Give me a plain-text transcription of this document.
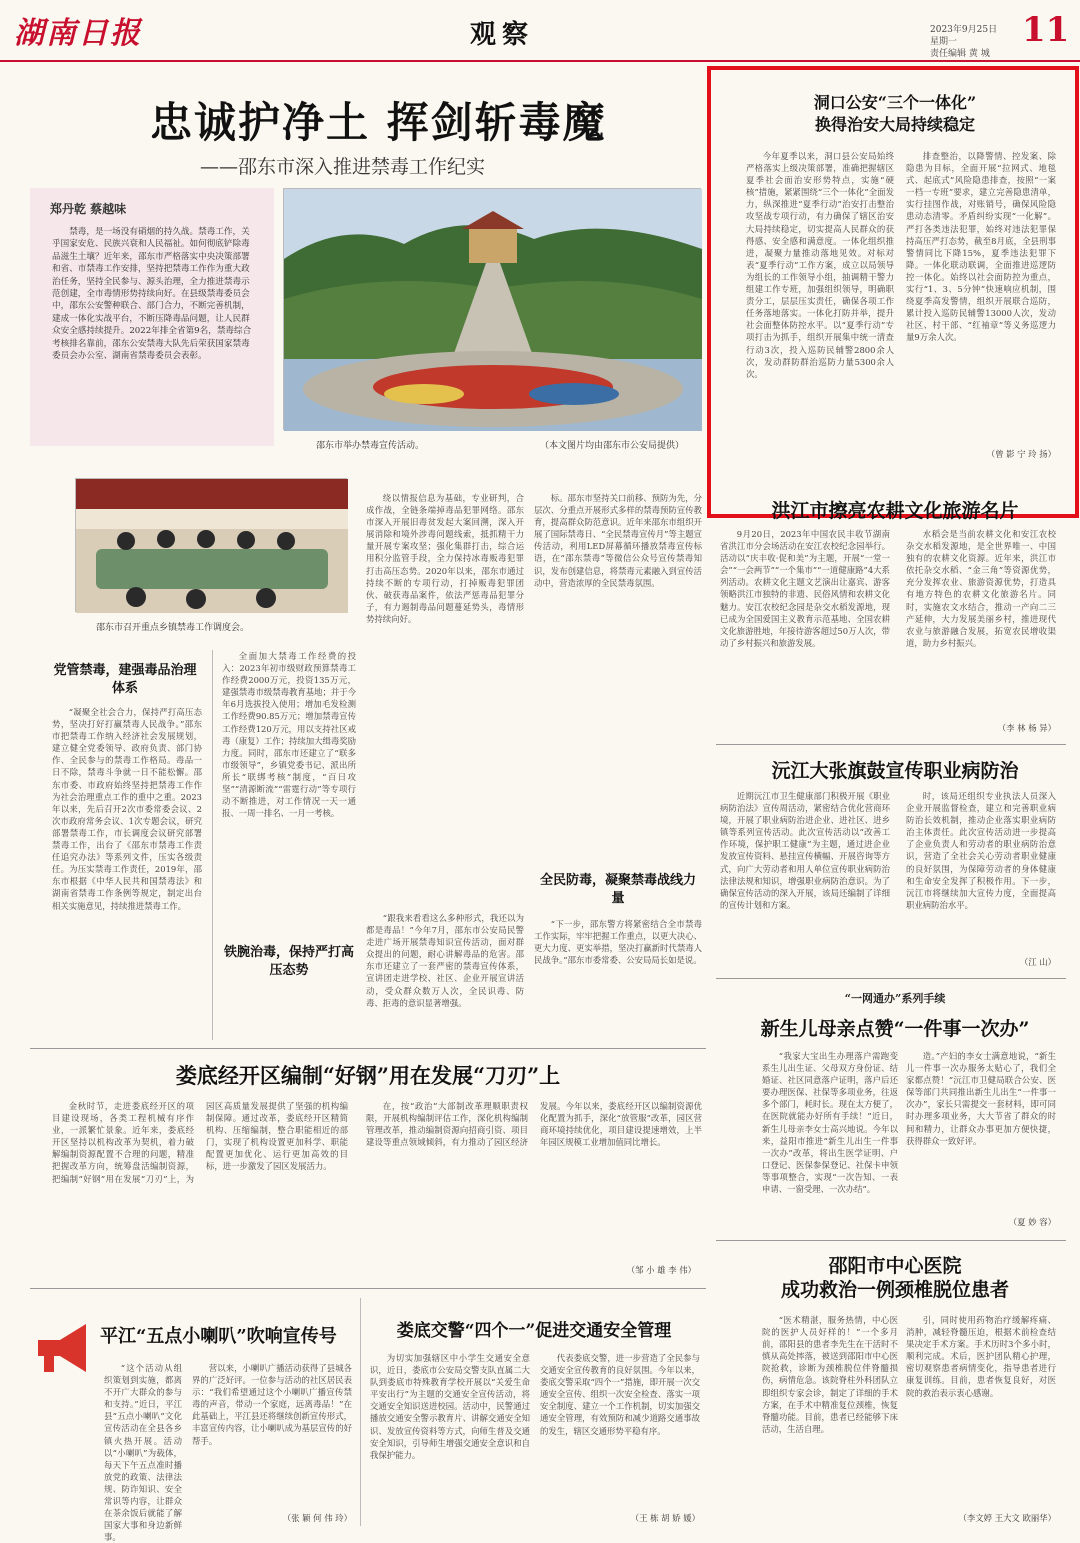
湖南日报	观察	2023年9月25日 星期一
责任编辑 黄 城
11
忠诚护净土 挥剑斩毒魔
——邵东市深入推进禁毒工作纪实
郑丹乾 蔡越味
禁毒，是一场没有硝烟的持久战。禁毒工作，关乎国家安危、民族兴衰和人民福祉。如何彻底铲除毒品滋生土壤？近年来，邵东市严格落实中央决策部署和省、市禁毒工作安排，坚持把禁毒工作作为重大政治任务，坚持全民参与、源头治理，全力推进禁毒示范创建，全市毒情形势持续向好。在县级禁毒委员会中，邵东公安警种联合、部门合力，不断完善机制，建成一体化实战平台，不断压降毒品问题，让人民群众安全感持续提升。2022年排全省第9名，禁毒综合考核排名靠前，邵东公安禁毒大队先后荣获国家禁毒委员会办公室、湖南省禁毒委员会表彰。
邵东市举办禁毒宣传活动。	（本文图片均由邵东市公安局提供）
邵东市召开重点乡镇禁毒工作调度会。
党管禁毒，建强毒品治理体系
“凝聚全社会合力，保持严打高压态势，坚决打好打赢禁毒人民战争。”邵东市把禁毒工作纳入经济社会发展规划，建立健全党委领导、政府负责、部门协作、全民参与的禁毒工作格局。毒品一日不除，禁毒斗争就一日不能松懈。邵东市委、市政府始终坚持把禁毒工作作为社会治理重点工作的重中之重。2023年以来，先后召开2次市委常委会议、2次市政府常务会议、1次专题会议，研究部署禁毒工作，市长调度会议研究部署禁毒工作，出台了《邵东市禁毒工作责任追究办法》等系列文件，压实各级责任。为压实禁毒工作责任，2019年，邵东市根据《中华人民共和国禁毒法》和湖南省禁毒工作条例等规定，制定出台相关实施意见，持续推进禁毒工作。
全面加大禁毒工作经费的投入：2023年初市级财政预算禁毒工作经费2000万元，投资135万元，建强禁毒市级禁毒教育基地；并于今年6月选拔投入使用；增加毛发检测工作经费90.85万元；增加禁毒宣传工作经费120万元，用以支持社区戒毒（康复）工作；持续加大缉毒奖励力度。同时，邵东市还建立了“联多市级领导”，乡镇党委书记、派出所所长“联绑考核”制度，“百日攻坚”“清源断流”“雷霆行动”等专项行动不断推进，对工作情况一天一通报、一周一排名、一月一考核。
铁腕治毒，保持严打高压态势
绕以情报信息为基础，专业研判，合成作战，全链条端掉毒品犯罪网络。邵东市深入开展旧毒贫发起大案回溯，深入开展消除和境外涉毒问题线索，抵抓精干力量开展专案攻坚；强化集群打击，综合运用积分监管手段，全力保持冰毒贩毒犯罪打击高压态势。2020年以来，邵东市通过持续不断的专项行动，打掉贩毒犯罪团伙、破获毒品案件，依法严惩毒品犯罪分子，有力遏制毒品问题蔓延势头，毒情形势持续向好。
标。邵东市坚持关口前移、预防为先，分层次、分重点开展形式多样的禁毒预防宣传教育，提高群众防范意识。近年来邵东市组织开展了国际禁毒日、“全民禁毒宣传月”等主题宣传活动，利用LED屏幕循环播放禁毒宣传标语，在“邵东禁毒”等微信公众号宣传禁毒知识，发布创建信息，将禁毒元素融入到宣传活动中，营造浓厚的全民禁毒氛围。
全民防毒，凝聚禁毒战线力量
“跟我来看看这么多种形式，我还以为都是毒品！”今年7月，邵东市公安局民警走进广场开展禁毒知识宣传活动，面对群众提出的问题，耐心讲解毒品的危害。邵东市还建立了一套严密的禁毒宣传体系，宣讲团走进学校、社区、企业开展宣讲活动，受众群众数万人次，全民识毒、防毒、拒毒的意识显著增强。
“下一步，邵东警方将紧密结合全市禁毒工作实际，牢牢把握工作重点，以更大决心、更大力度、更实举措，坚决打赢新时代禁毒人民战争。”邵东市委常委、公安局局长如是说。
洞口公安“三个一体化”
换得治安大局持续稳定
今年夏季以来，洞口县公安局始终严格落实上级决策部署，准确把握辖区夏季社会面治安形势特点，实施“硬核”措施，紧紧围绕“三个一体化”全面发力，纵深推进“夏季行动”治安打击整治攻坚战专项行动，有力确保了辖区治安大局持续稳定，切实提高人民群众的获得感、安全感和满意度。一体化组织推进，凝聚力量推动落地见效。对标对表“夏季行动”工作方案，成立以局领导为组长的工作领导小组，抽调精干警力组建工作专班，加强组织领导，明确职责分工，层层压实责任，确保各项工作任务落地落实。一体化打防并举，提升社会面整体防控水平。以“夏季行动”专项打击为抓手，组织开展集中统一清查行动3次，投入巡防民辅警2800余人次，发动群防群治巡防力量5300余人次。
排查整治，以降警情、控发案、除隐患为目标，全面开展“拉网式、地毯式、起底式”风险隐患排查，按照“一案一档一专班”要求，建立完善隐患清单，实行挂图作战，对账销号，确保风险隐患动态清零。矛盾纠纷实现“一化解”。严打各类违法犯罪，始终对违法犯罪保持高压严打态势，截至8月底，全县刑事警情同比下降15%，夏季违法犯罪下降。一体化联动联调，全面推进巡逻防控一体化。始终以社会面防控为重点，实行“1、3、5分钟”快速响应机制，围绕夏季高发警情，组织开展联合巡防，累计投入巡防民辅警13000人次，发动社区、村干部、“红袖章”等义务巡逻力量9万余人次。
（曾 影 宁 玲 扬）
洪江市擦亮农耕文化旅游名片
9月20日，2023年中国农民丰收节湖南省洪江市分会场活动在安江农校纪念园举行。活动以“庆丰收·促和美”为主题，开展“一堂一会”“一会两节”“一个集市”“一道健康路”4大系列活动。农耕文化主题文艺演出让嘉宾、游客领略洪江市独特的非遗、民俗风情和农耕文化魅力。安江农校纪念园是杂交水稻发源地，现已成为全国爱国主义教育示范基地、全国农耕文化旅游胜地，年接待游客超过50万人次，带动了乡村振兴和旅游发展。
水稻会是当前农耕文化和安江农校杂交水稻发源地，是全世界唯一、中国独有的农耕文化资源。近年来，洪江市依托杂交水稻、“金三角”等资源优势，充分发挥农业、旅游资源优势，打造具有地方特色的农耕文化旅游名片。同时，实施农文水结合，推动一产向二三产延伸，大力发展美丽乡村，推进现代农业与旅游融合发展，拓宽农民增收渠道，助力乡村振兴。
（李 林 杨 异）
沅江大张旗鼓宣传职业病防治
近期沅江市卫生健康部门积极开展《职业病防治法》宣传周活动，紧密结合优化营商环境，开展了职业病防治进企业、进社区、进乡镇等系列宣传活动。此次宣传活动以“改善工作环境，保护职工健康”为主题，通过进企业发放宣传资料、悬挂宣传横幅、开展咨询等方式，向广大劳动者和用人单位宣传职业病防治法律法规和知识，增强职业病防治意识。为了确保宣传活动的深入开展，该局还编制了详细的宣传计划和方案。
时，该局还组织专业执法人员深入企业开展监督检查，建立和完善职业病防治长效机制，推动企业落实职业病防治主体责任。此次宣传活动进一步提高了企业负责人和劳动者的职业病防治意识，营造了全社会关心劳动者职业健康的良好氛围，为保障劳动者的身体健康和生命安全发挥了积极作用。下一步，沅江市将继续加大宣传力度，全面提高职业病防治水平。
（江 山）
“一网通办”系列手续
新生儿母亲点赞“一件事一次办”
“我家大宝出生办理落户需跑变系生儿出生证、父母双方身份证、结婚证、社区同意落户证明，落户后还要办理医保、社保等多项业务，往返多个部门，耗时长。现在太方便了，在医院就能办好所有手续！”近日，新生儿母亲李女士高兴地说。今年以来，益阳市推进“新生儿出生一件事一次办”改革，将出生医学证明、户口登记、医保参保登记、社保卡申领等事项整合，实现“一次告知、一表申请、一窗受理、一次办结”。
造。”产妇的李女士满意地说，“新生儿一件事一次办服务太贴心了，我们全家都点赞！”沅江市卫健局联合公安、医保等部门共同推出新生儿出生“一件事一次办”，家长只需提交一套材料，即可同时办理多项业务，大大节省了群众的时间和精力，让群众办事更加方便快捷，获得群众一致好评。
（夏 妙 容）
邵阳市中心医院
成功救治一例颈椎脱位患者
“医术精湛，服务热情，中心医院的医护人员好样的！”一个多月前，邵阳县的患者李先生在干活时不慎从高处摔落，被送到邵阳市中心医院抢救，诊断为颈椎脱位伴脊髓损伤，病情危急。该院脊柱外科团队立即组织专家会诊，制定了详细的手术方案，在手术中精准复位颈椎，恢复脊髓功能。目前，患者已经能够下床活动，生活自理。
引，同时使用药物治疗缓解疼痛、消肿，减轻脊髓压迫，根据术前检查结果决定手术方案。手术历时3个多小时，顺利完成。术后，医护团队精心护理，密切观察患者病情变化，指导患者进行康复训练。目前，患者恢复良好，对医院的救治表示衷心感谢。
（李文婷 王大文 欧丽华）
娄底经开区编制“好钢”用在发展“刀刃”上
金秋时节，走进娄底经开区的项目建设现场，各类工程机械有序作业，一派繁忙景象。近年来，娄底经开区坚持以机构改革为契机，着力破解编制资源配置不合理的问题，精准把握改革方向，统筹盘活编制资源，把编制“好钢”用在发展“刀刃”上，为园区高质量发展提供了坚强的机构编制保障。通过改革，娄底经开区精简机构、压缩编制，整合职能相近的部门，实现了机构设置更加科学、职能配置更加优化、运行更加高效的目标，进一步激发了园区发展活力。
在，按“政治”大部制改革理顺职责权限，开展机构编制评估工作，深化机构编制管理改革，推动编制资源向招商引资、项目建设等重点领域倾斜，有力推动了园区经济发展。今年以来，娄底经开区以编制资源优化配置为抓手，深化“放管服”改革，园区营商环境持续优化，项目建设提速增效，上半年园区规模工业增加值同比增长。
（邹 小 雄 李 伟）
平江“五点小喇叭”吹响宣传号
“这个活动从组织策划到实施，都离不开广大群众的参与和支持。”近日，平江县“五点小喇叭”文化宣传活动在全县各乡镇火热开展。活动以“小喇叭”为载体，每天下午五点准时播放党的政策、法律法规、防诈知识、安全常识等内容，让群众在茶余饭后就能了解国家大事和身边新鲜事。
营以来，小喇叭广播活动获得了县城各界的广泛好评。一位参与活动的社区居民表示：“我们希望通过这个小喇叭广播宣传禁毒的声音，带动一个家庭，远离毒品！”在此基础上，平江县还将继续创新宣传形式，丰富宣传内容，让小喇叭成为基层宣传的好帮手。
（张 颖 何 伟 玲）
娄底交警“四个一”促进交通安全管理
为切实加强辖区中小学生交通安全意识，近日，娄底市公安局交警支队直属二大队到娄底市特殊教育学校开展以“关爱生命 平安出行”为主题的交通安全宣传活动，将交通安全知识送进校园。活动中，民警通过播放交通安全警示教育片、讲解交通安全知识、发放宣传资料等方式，向师生普及交通安全知识，引导师生增强交通安全意识和自我保护能力。
代表娄底交警，进一步营造了全民参与交通安全宣传教育的良好氛围。今年以来，娄底交警采取“四个一”措施，即开展一次交通安全宣传、组织一次安全检查、落实一项安全制度、建立一个工作机制，切实加强交通安全管理，有效预防和减少道路交通事故的发生，辖区交通形势平稳有序。
（王 栋 胡 娇 媛）
